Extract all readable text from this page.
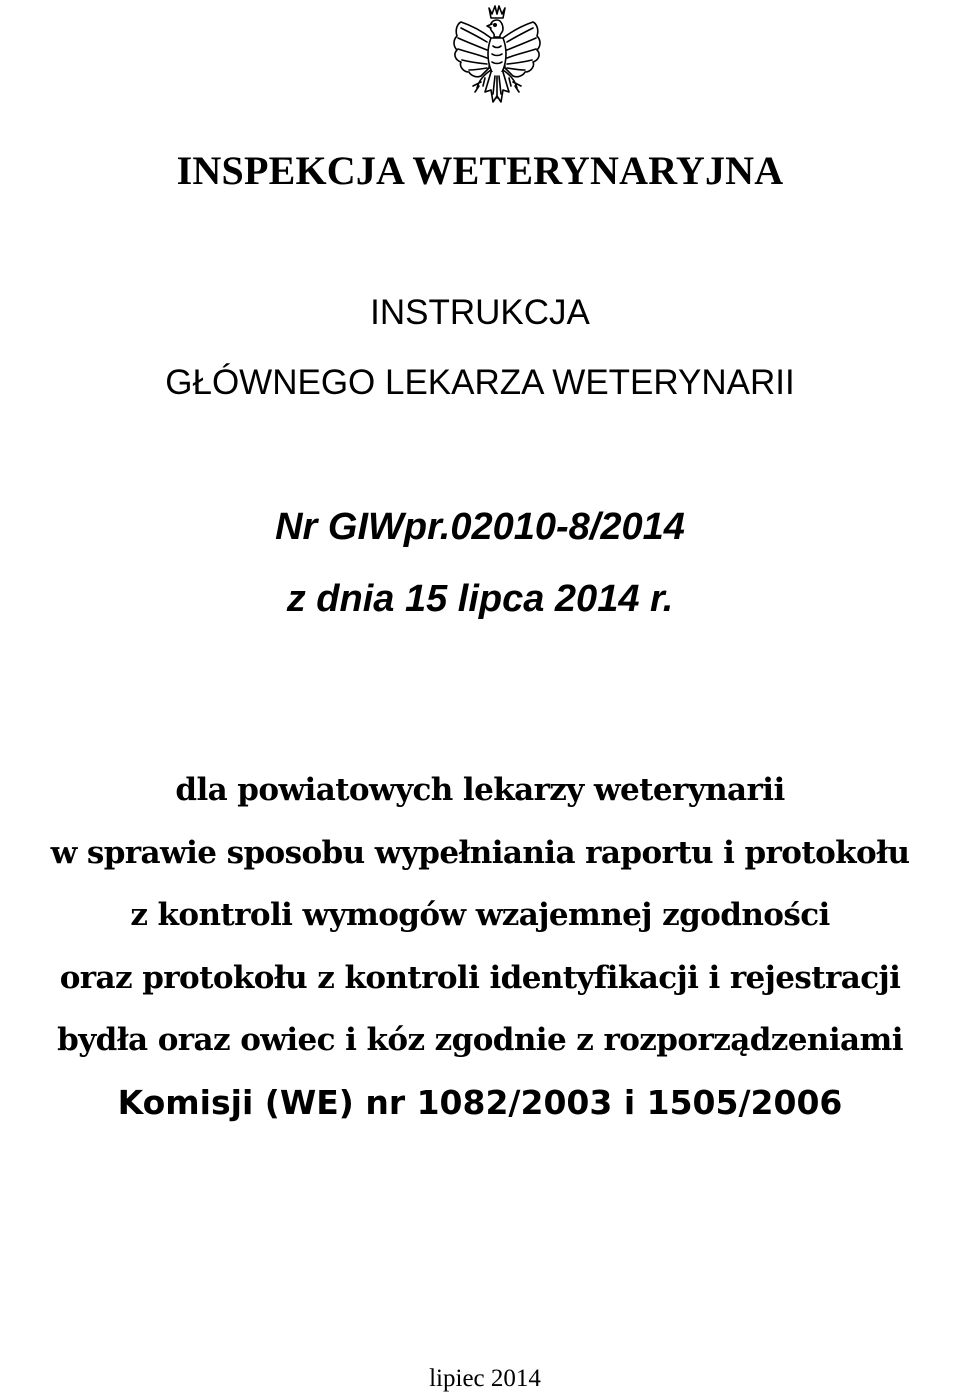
INSPEKCJA WETERYNARYJNA
INSTRUKCJA
GŁÓWNEGO LEKARZA WETERYNARII
Nr GIWpr.02010-8/2014
z dnia 15 lipca 2014 r.
dla powiatowych lekarzy weterynarii
w sprawie sposobu wypełniania raportu i protokołu
z kontroli wymogów wzajemnej zgodności
oraz protokołu z kontroli identyfikacji i rejestracji
bydła oraz owiec i kóz zgodnie z rozporządzeniami
Komisji (WE) nr 1082/2003 i 1505/2006
lipiec 2014
